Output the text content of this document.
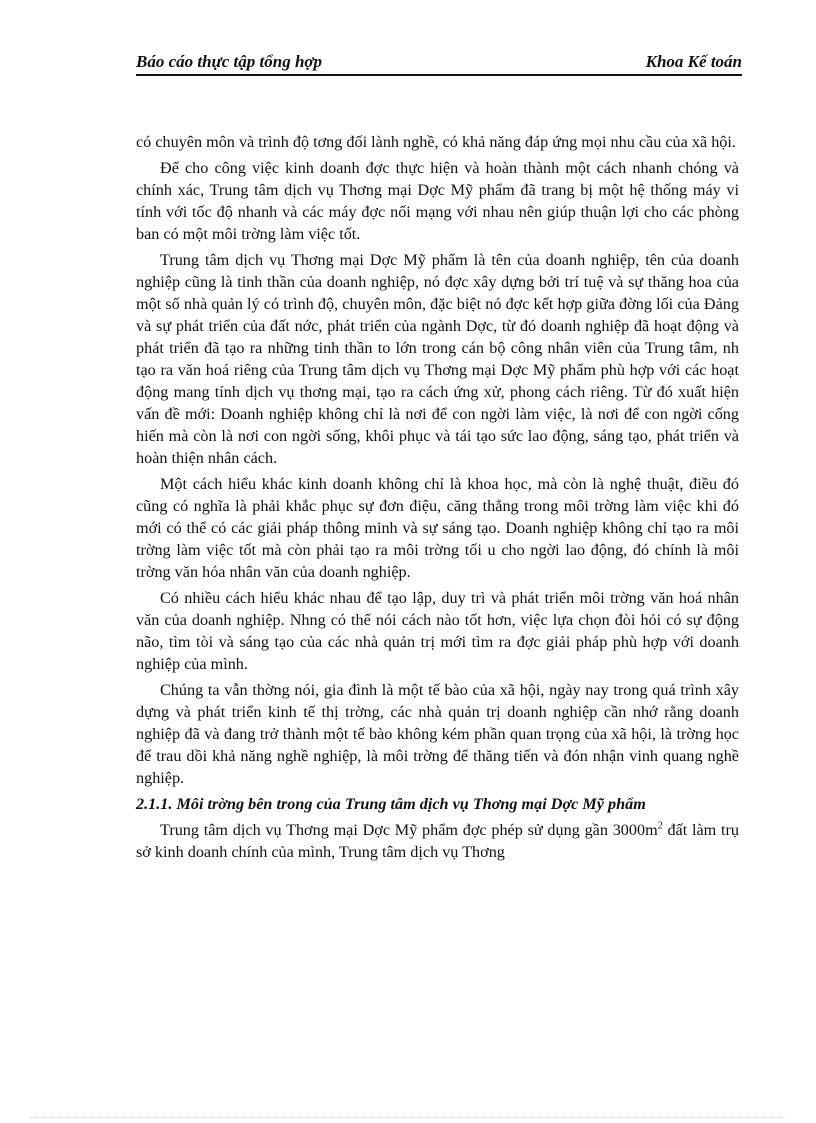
Báo cáo thực tập tổng hợp	Khoa Kế toán

có chuyên môn và trình độ tơng đối lành nghề, có khả năng đáp ứng mọi nhu cầu của xã hội.

Để cho công việc kinh doanh đợc thực hiện và hoàn thành một cách nhanh chóng và chính xác, Trung tâm dịch vụ Thơng mại Dợc Mỹ phẩm đã trang bị một hệ thống máy vi tính với tốc độ nhanh và các máy đợc nối mạng với nhau nên giúp thuận lợi cho các phòng ban có một môi trờng làm việc tốt.

Trung tâm dịch vụ Thơng mại Dợc Mỹ phẩm là tên của doanh nghiệp, tên của doanh nghiệp cũng là tinh thần của doanh nghiệp, nó đợc xây dựng bởi trí tuệ và sự thăng hoa của một số nhà quản lý có trình độ, chuyên môn, đặc biệt nó đợc kết hợp giữa đờng lối của Đảng và sự phát triển của đất nớc, phát triển của ngành Dợc, từ đó doanh nghiệp đã hoạt động và phát triển đã tạo ra những tinh thần to lớn trong cán bộ công nhân viên của Trung tâm, nh tạo ra văn hoá riêng của Trung tâm dịch vụ Thơng mại Dợc Mỹ phẩm phù hợp với các hoạt động mang tính dịch vụ thơng mại, tạo ra cách ứng xử, phong cách riêng. Từ đó xuất hiện vấn đề mới: Doanh nghiệp không chỉ là nơi để con ngời làm việc, là nơi để con ngời cống hiến mà còn là nơi con ngời sống, khôi phục và tái tạo sức lao động, sáng tạo, phát triển và hoàn thiện nhân cách.

Một cách hiểu khác kinh doanh không chỉ là khoa học, mà còn là nghệ thuật, điều đó cũng có nghĩa là phải khắc phục sự đơn điệu, căng thẳng trong môi trờng làm việc khi đó mới có thể có các giải pháp thông minh và sự sáng tạo. Doanh nghiệp không chỉ tạo ra môi trờng làm việc tốt mà còn phải tạo ra môi trờng tối u cho ngời lao động, đó chính là môi trờng văn hóa nhân văn của doanh nghiệp.

Có nhiều cách hiểu khác nhau để tạo lập, duy trì và phát triển môi trờng văn hoá nhân văn của doanh nghiệp. Nhng có thể nói cách nào tốt hơn, việc lựa chọn đòi hỏi có sự động não, tìm tòi và sáng tạo của các nhà quản trị mới tìm ra đợc giải pháp phù hợp với doanh nghiệp của mình.

Chúng ta vẫn thờng nói, gia đình là một tế bào của xã hội, ngày nay trong quá trình xây dựng và phát triển kinh tế thị trờng, các nhà quản trị doanh nghiệp cần nhớ rằng doanh nghiệp đã và đang trở thành một tế bào không kém phần quan trọng của xã hội, là trờng học để trau dồi khả năng nghề nghiệp, là môi trờng để thăng tiến và đón nhận vinh quang nghề nghiệp.

2.1.1. Môi trờng bên trong của Trung tâm dịch vụ Thơng mại Dợc Mỹ phẩm

Trung tâm dịch vụ Thơng mại Dợc Mỹ phẩm đợc phép sử dụng gần $3000m^2$ đất làm trụ sở kinh doanh chính của mình, Trung tâm dịch vụ Thơng
